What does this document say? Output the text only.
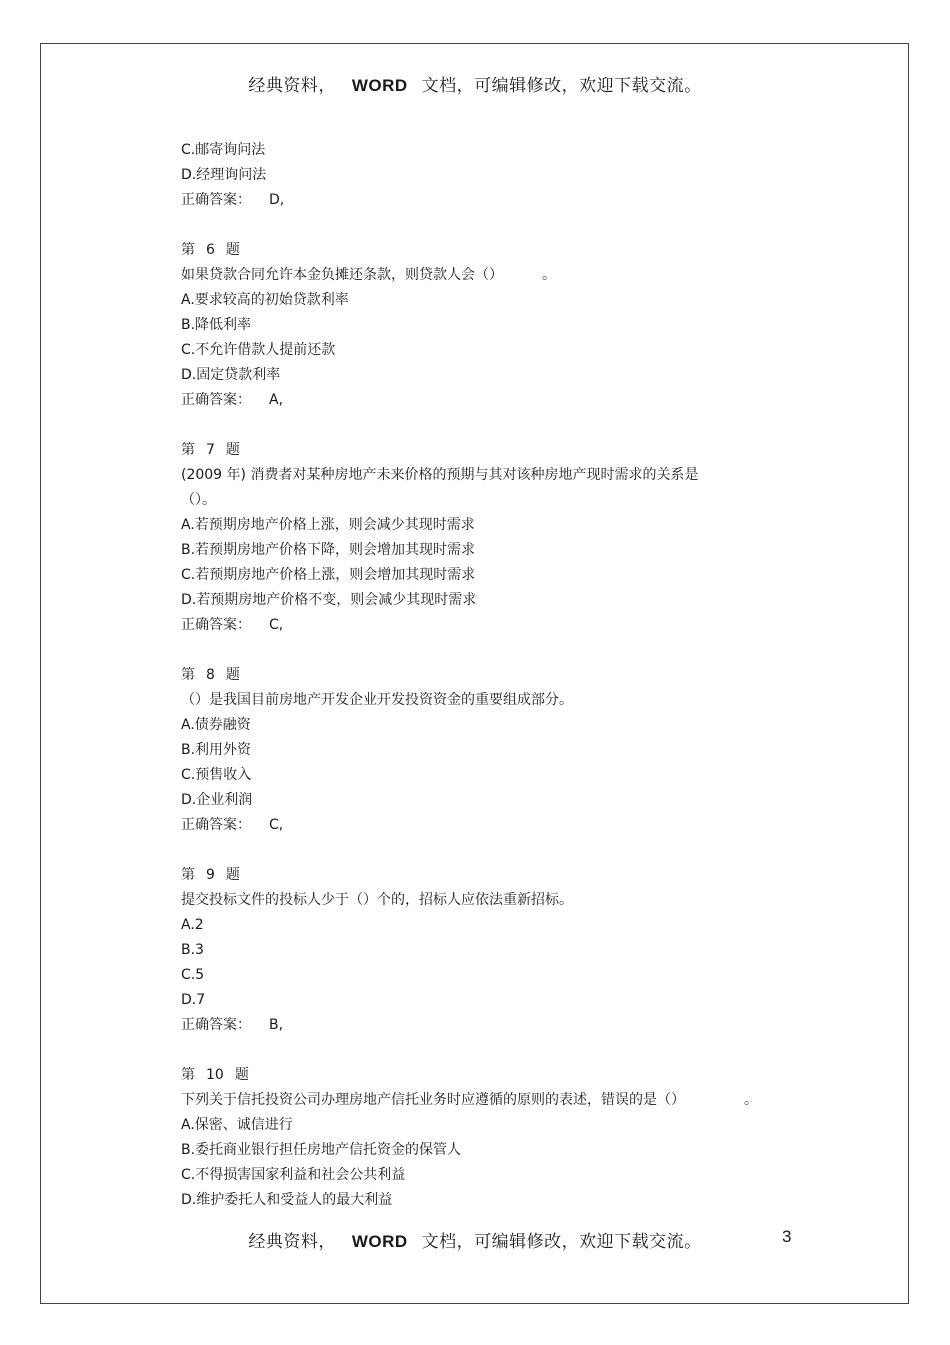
经典资料， WORD 文档，可编辑修改，欢迎下载交流。
C.邮寄询问法
D.经理询问法
正确答案： D,
第 6 题
如果贷款合同允许本金负摊还条款，则贷款人会（）	。
A.要求较高的初始贷款利率
B.降低利率
C.不允许借款人提前还款
D.固定贷款利率
正确答案： A,
第 7 题
(2009 年) 消费者对某种房地产未来价格的预期与其对该种房地产现时需求的关系是
（）。
A.若预期房地产价格上涨，则会减少其现时需求
B.若预期房地产价格下降，则会增加其现时需求
C.若预期房地产价格上涨，则会增加其现时需求
D.若预期房地产价格不变，则会减少其现时需求
正确答案： C,
第 8 题
（）是我国目前房地产开发企业开发投资资金的重要组成部分。
A.债券融资
B.利用外资
C.预售收入
D.企业利润
正确答案： C,
第 9 题
提交投标文件的投标人少于（）个的，招标人应依法重新招标。
A.2
B.3
C.5
D.7
正确答案： B,
第 10 题
下列关于信托投资公司办理房地产信托业务时应遵循的原则的表述，错误的是（）	。
A.保密、诚信进行
B.委托商业银行担任房地产信托资金的保管人
C.不得损害国家利益和社会公共利益
D.维护委托人和受益人的最大利益
经典资料， WORD 文档，可编辑修改，欢迎下载交流。	3
